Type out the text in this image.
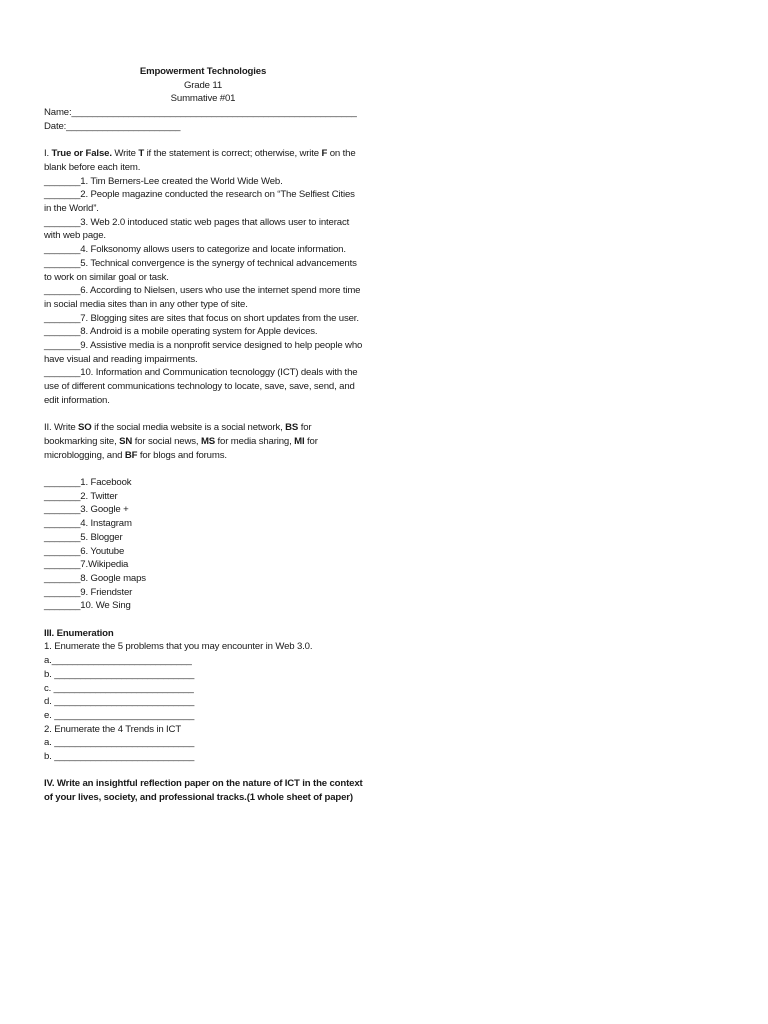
Empowerment Technologies
Grade 11
Summative #01
Name:_______________________________________________________
Date:______________________
I. True or False. Write T if the statement is correct; otherwise, write F on the blank before each item.
_______1. Tim Berners-Lee created the World Wide Web.
_______2. People magazine conducted the research on “The Selfiest Cities in the World”.
_______3. Web 2.0 intoduced static web pages that allows user to interact with web page.
_______4. Folksonomy allows users to categorize and locate information.
_______5. Technical convergence is the synergy of technical advancements to work on similar goal or task.
_______6. According to Nielsen, users who use the internet spend more time in social media sites than in any other type of site.
_______7. Blogging sites are sites that focus on short updates from the user.
_______8. Android is a mobile operating system for Apple devices.
_______9. Assistive media is a nonprofit service designed to help people who have visual and reading impairments.
_______10. Information and Communication tecnologgy (ICT) deals with the use of different communications technology to locate, save, save, send, and edit information.
II. Write SO if the social media website is a social network, BS for bookmarking site, SN for social news, MS for media sharing, MI for microblogging, and BF for blogs and forums.
_______1. Facebook
_______2. Twitter
_______3. Google +
_______4. Instagram
_______5. Blogger
_______6. Youtube
_______7.Wikipedia
_______8. Google maps
_______9. Friendster
_______10. We Sing
III. Enumeration
1. Enumerate the 5 problems that you may encounter in Web 3.0.
a.___________________________
b. ___________________________
c. ___________________________
d. ___________________________
e. ___________________________
2. Enumerate the 4 Trends in ICT
a. ___________________________
b. ___________________________
IV. Write an insightful reflection paper on the nature of ICT in the context of your lives, society, and professional tracks.(1 whole sheet of paper)
